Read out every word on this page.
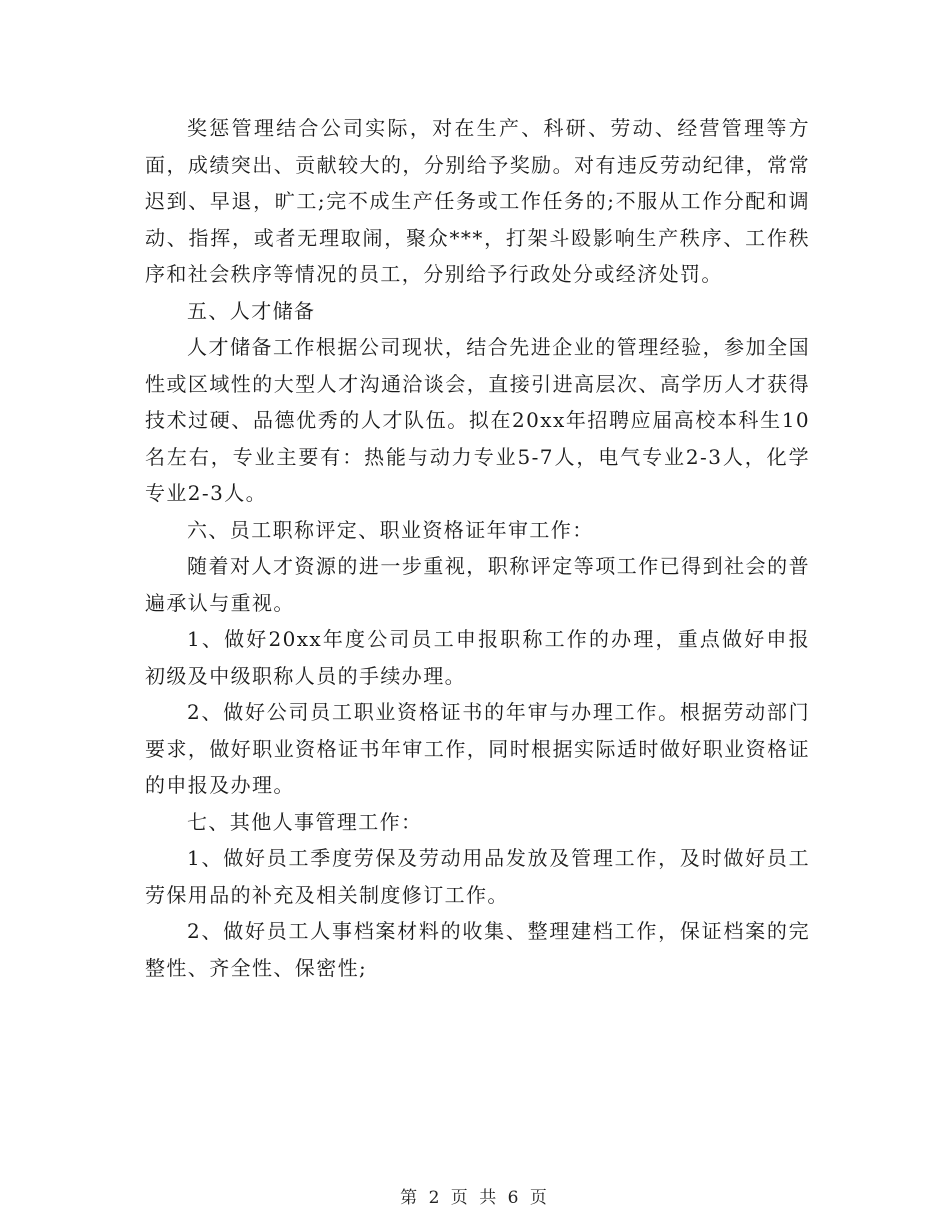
奖惩管理结合公司实际，对在生产、科研、劳动、经营管理等方面，成绩突出、贡献较大的，分别给予奖励。对有违反劳动纪律，常常迟到、早退，旷工;完不成生产任务或工作任务的;不服从工作分配和调动、指挥，或者无理取闹，聚众***，打架斗殴影响生产秩序、工作秩序和社会秩序等情况的员工，分别给予行政处分或经济处罚。

五、人才储备

人才储备工作根据公司现状，结合先进企业的管理经验，参加全国性或区域性的大型人才沟通洽谈会，直接引进高层次、高学历人才获得技术过硬、品德优秀的人才队伍。拟在20xx年招聘应届高校本科生10名左右，专业主要有：热能与动力专业5-7人，电气专业2-3人，化学专业2-3人。

六、员工职称评定、职业资格证年审工作：

随着对人才资源的进一步重视，职称评定等项工作已得到社会的普遍承认与重视。

1、做好20xx年度公司员工申报职称工作的办理，重点做好申报初级及中级职称人员的手续办理。

2、做好公司员工职业资格证书的年审与办理工作。根据劳动部门要求，做好职业资格证书年审工作，同时根据实际适时做好职业资格证的申报及办理。

七、其他人事管理工作：

1、做好员工季度劳保及劳动用品发放及管理工作，及时做好员工劳保用品的补充及相关制度修订工作。

2、做好员工人事档案材料的收集、整理建档工作，保证档案的完整性、齐全性、保密性;

第 2 页 共 6 页
